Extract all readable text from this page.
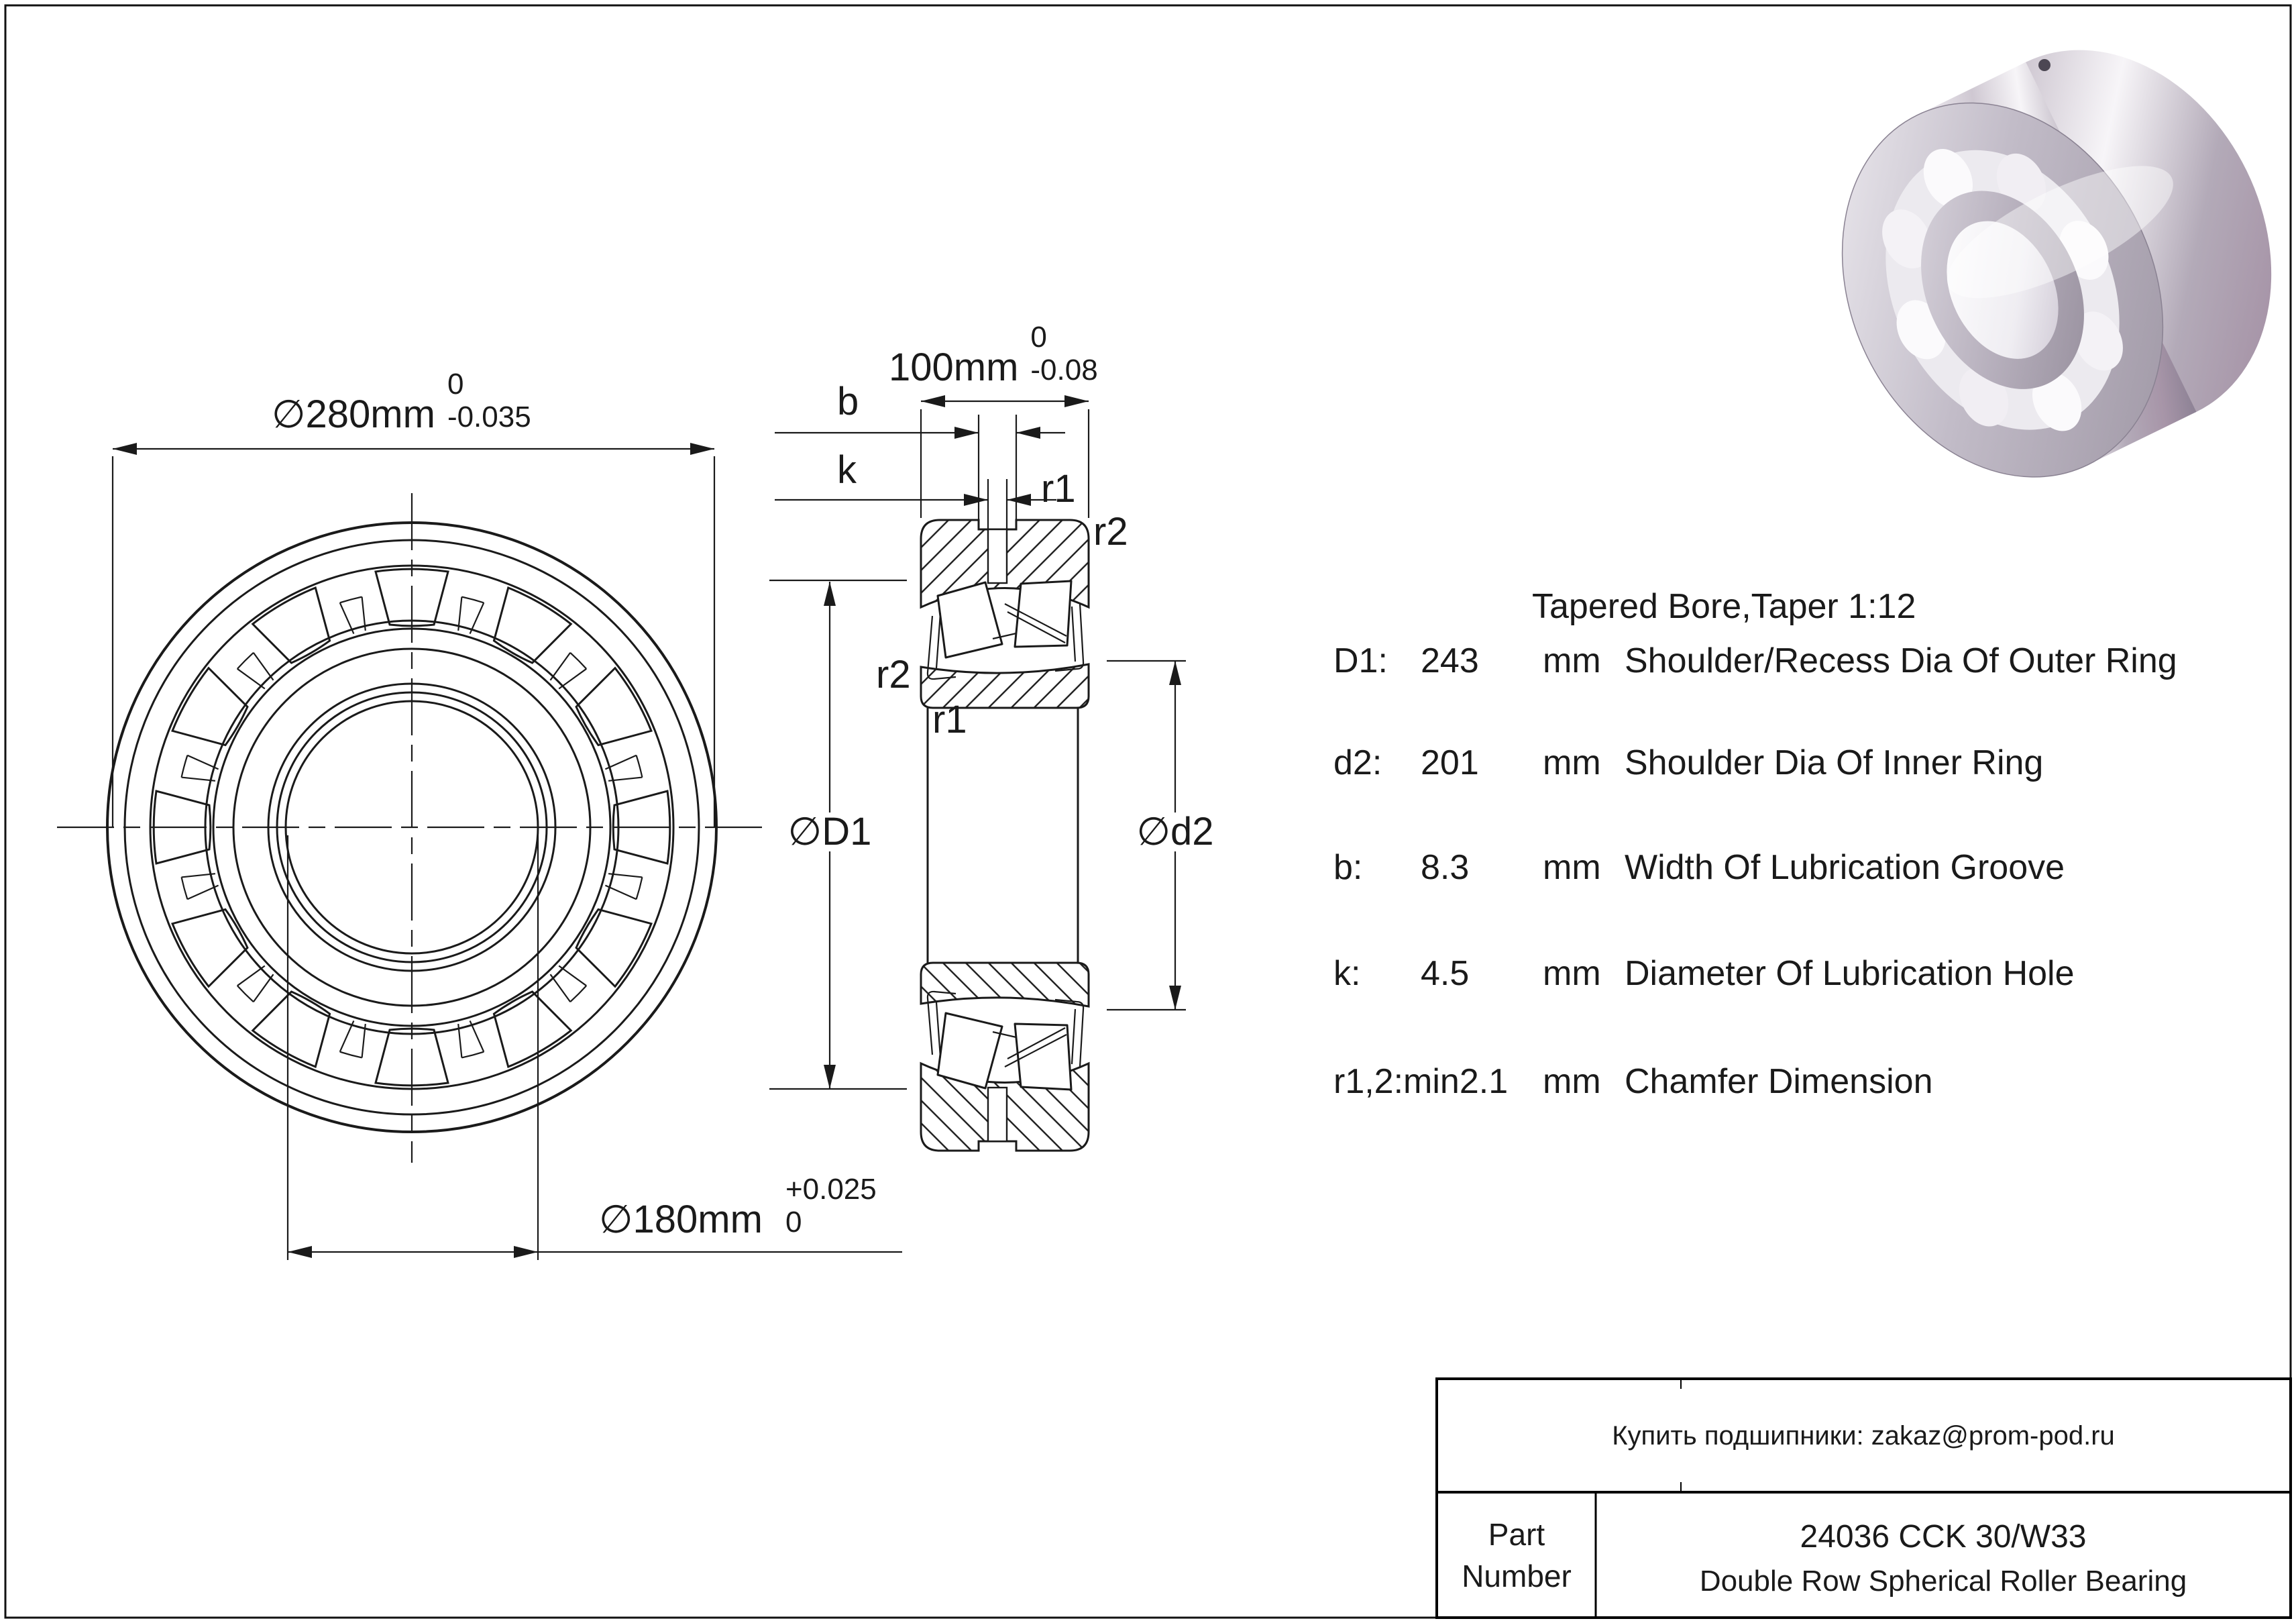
∅280mm
0
-0.035
∅180mm
+0.025
0
100mm
0
-0.08
b
k	r1
r2
r2
r1
∅D1	∅d2
Tapered Bore,Taper 1:12
D1: 243 mm Shoulder/Recess Dia Of Outer Ring
d2: 201 mm Shoulder Dia Of Inner Ring
b: 8.3 mm Width Of Lubrication Groove
k: 4.5 mm Diameter Of Lubrication Hole
r1,2:min2.1 mm Chamfer Dimension
Купить подшипники: zakaz@prom-pod.ru
Part
Number
24036 CCK 30/W33
Double Row Spherical Roller Bearing
